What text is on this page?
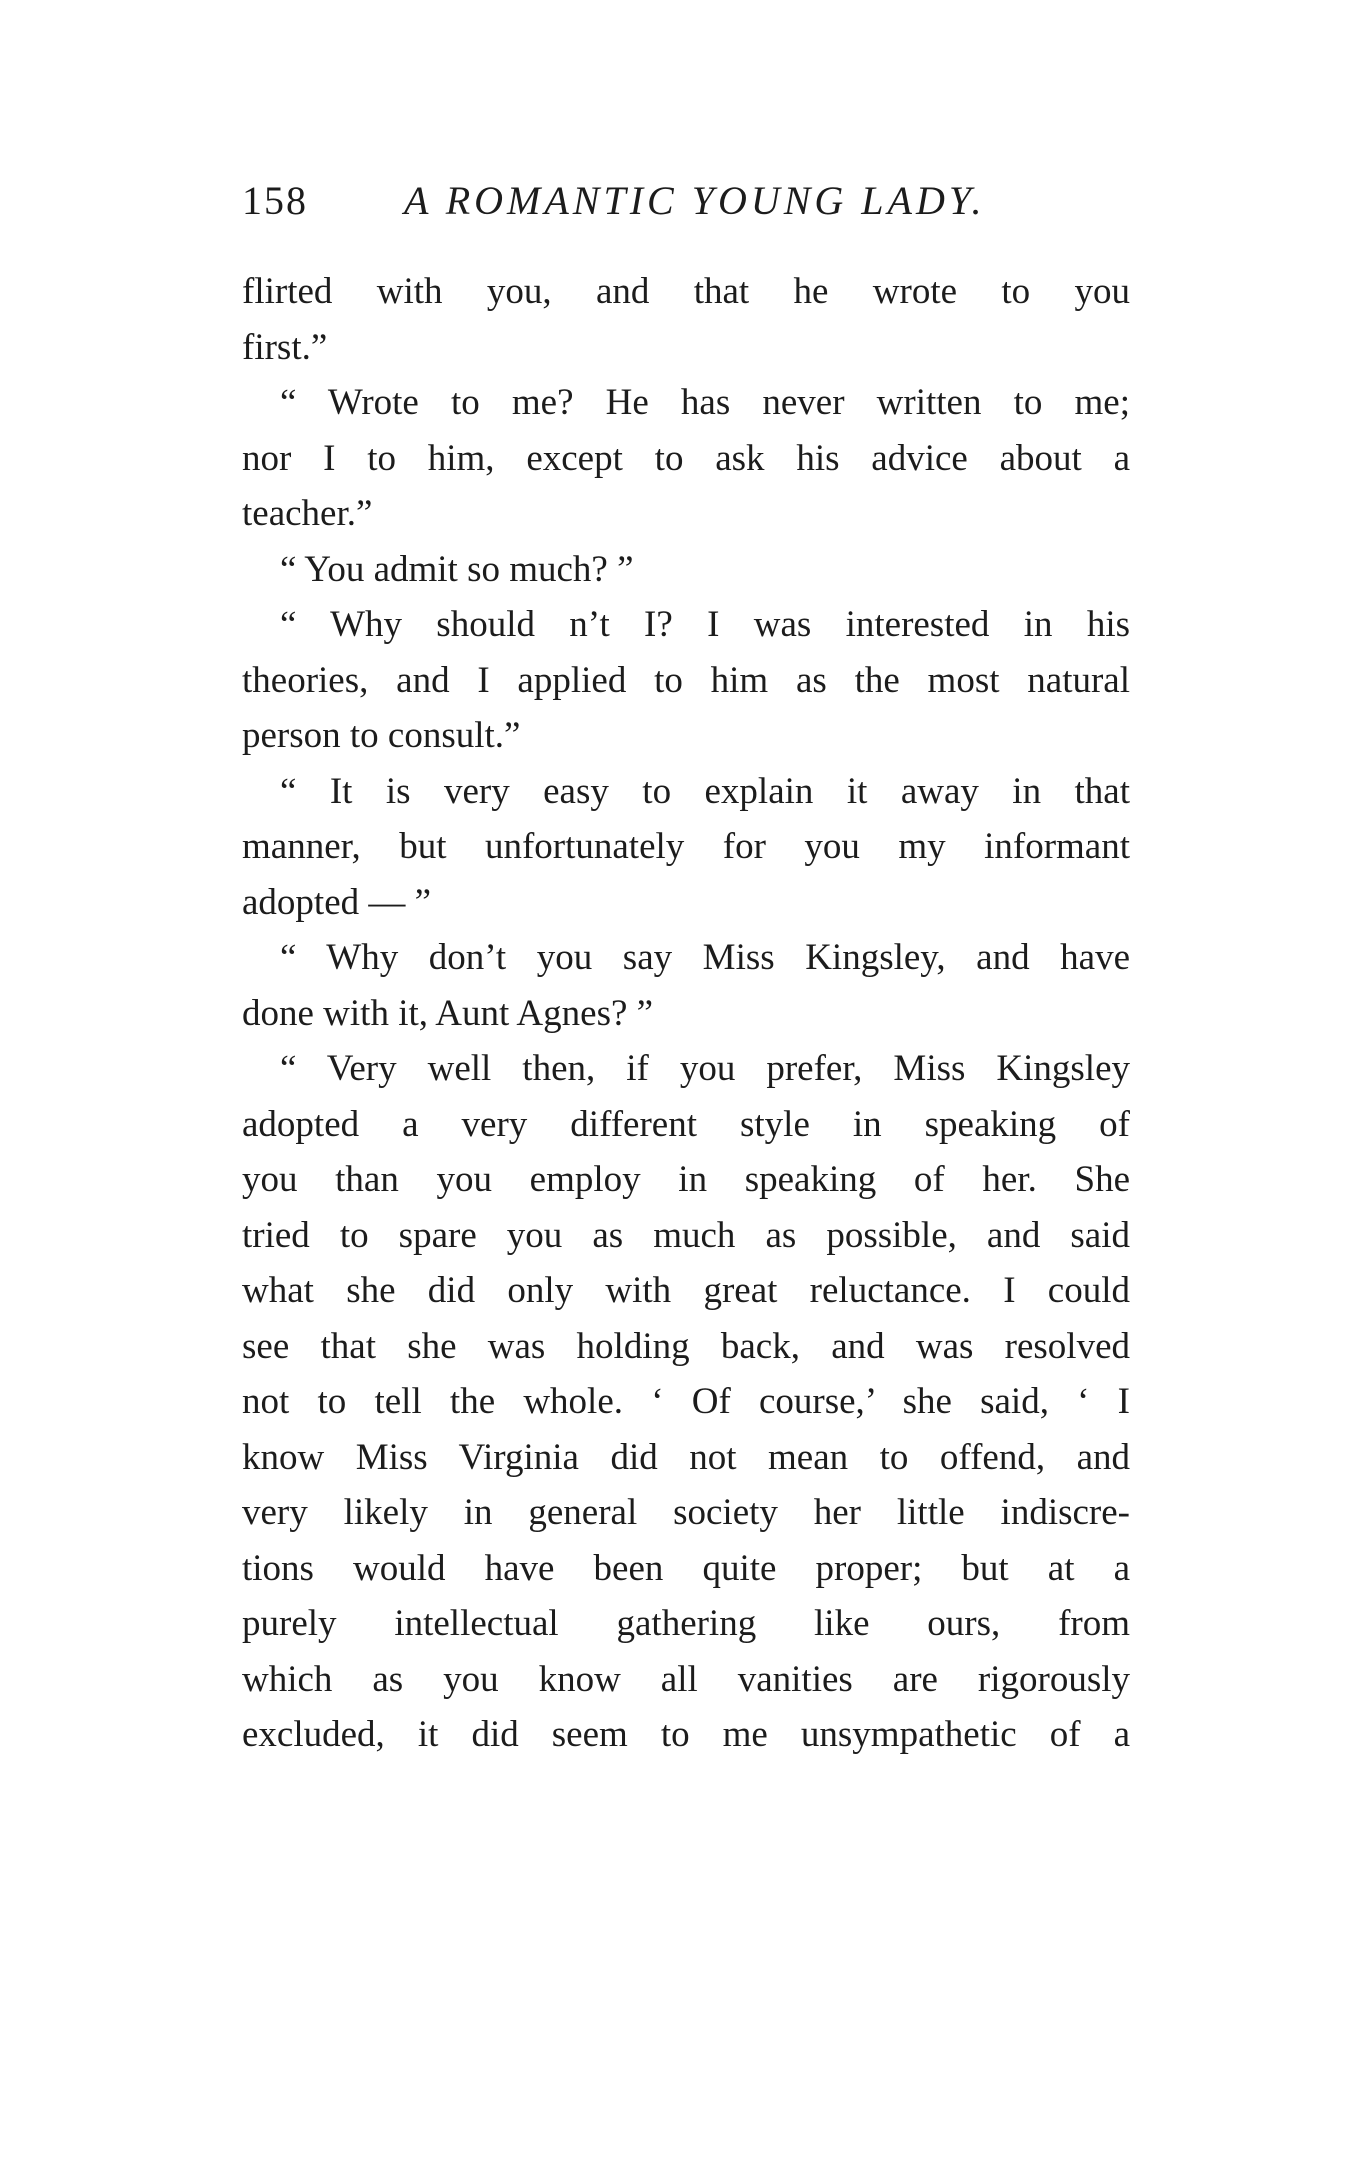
158 A ROMANTIC YOUNG LADY.
flirted with you, and that he wrote to you
first.”
“ Wrote to me? He has never written to me;
nor I to him, except to ask his advice about a
teacher.”
“ You admit so much? ”
“ Why should n’t I? I was interested in his
theories, and I applied to him as the most natural
person to consult.”
“ It is very easy to explain it away in that
manner, but unfortunately for you my informant
adopted — ”
“ Why don’t you say Miss Kingsley, and have
done with it, Aunt Agnes? ”
“ Very well then, if you prefer, Miss Kingsley
adopted a very different style in speaking of
you than you employ in speaking of her. She
tried to spare you as much as possible, and said
what she did only with great reluctance. I could
see that she was holding back, and was resolved
not to tell the whole. ‘ Of course,’ she said, ‘ I
know Miss Virginia did not mean to offend, and
very likely in general society her little indiscre-
tions would have been quite proper; but at a
purely intellectual gathering like ours, from
which as you know all vanities are rigorously
excluded, it did seem to me unsympathetic of a
